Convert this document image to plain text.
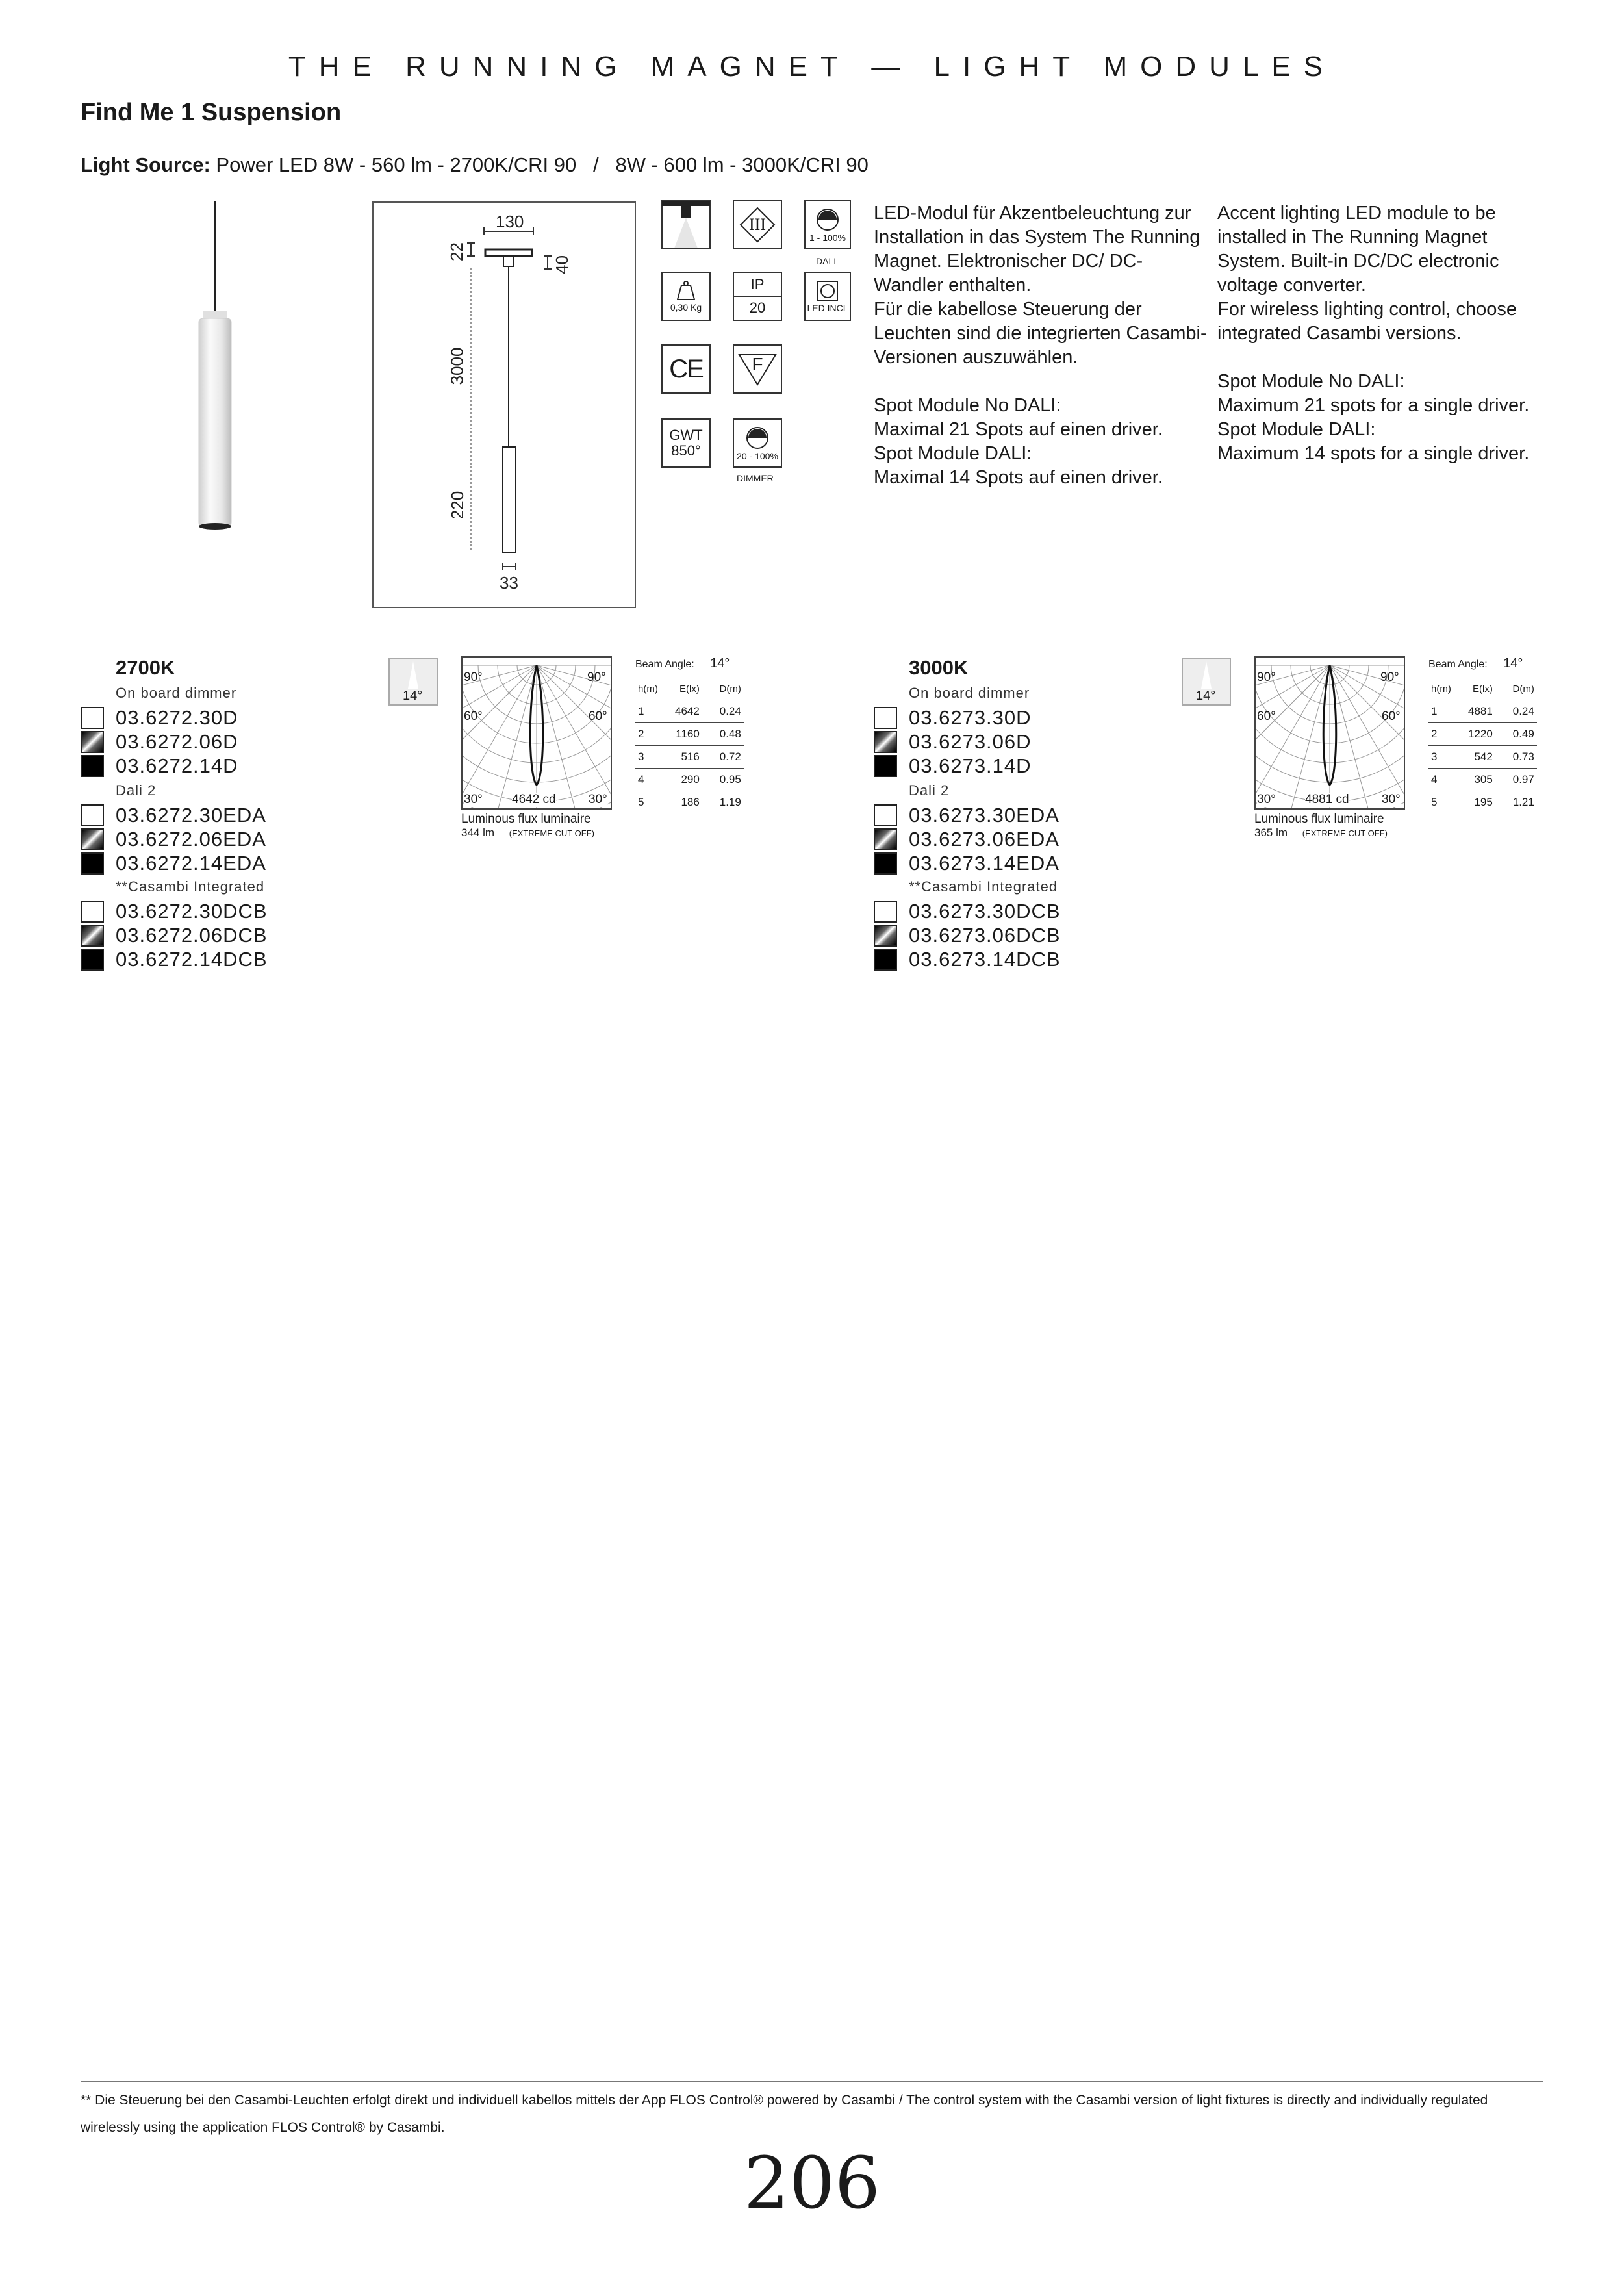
THE RUNNING MAGNET — LIGHT MODULES
Find Me 1 Suspension
Light Source: Power LED 8W - 560 lm - 2700K/CRI 90   /   8W - 600 lm - 3000K/CRI 90
130
22
40
3000
220
33
III
1 - 100%
DALI
0,30 Kg
IP
20	LED INCL
CE	F
GWT
850°	20 - 100%
DIMMER

LED-Modul für Akzentbeleuchtung zur Installation in das System The Running Magnet. Elektronischer DC/ DC-Wandler enthalten.

Für die kabellose Steuerung der Leuchten sind die integrierten Casambi-Versionen auszuwählen.

Spot Module No DALI:

Maximal 21 Spots auf einen driver.

Spot Module DALI:

Maximal 14 Spots auf einen driver.

Accent lighting LED module to be installed in The Running Magnet System. Built-in DC/DC electronic voltage converter.

For wireless lighting control, choose integrated Casambi versions.

Spot Module No DALI:

Maximum 21 spots for a single driver.

Spot Module DALI:

Maximum 14 spots for a single driver.

2700K
On board dimmer
03.6272.30D
03.6272.06D
03.6272.14D
Dali 2
03.6272.30EDA
03.6272.06EDA
03.6272.14EDA
**Casambi Integrated
03.6272.30DCB
03.6272.06DCB
03.6272.14DCB
14°
90°	90°
60°	60°
30°	30°
4642 cd
Luminous flux luminaire
344 lm (EXTREME CUT OFF)
Beam Angle: 14°
h(m)	E(lx)	D(m)
1	4642	0.24
2	1160	0.48
3	516	0.72
4	290	0.95
5	186	1.19
3000K
On board dimmer
03.6273.30D
03.6273.06D
03.6273.14D
Dali 2
03.6273.30EDA
03.6273.06EDA
03.6273.14EDA
**Casambi Integrated
03.6273.30DCB
03.6273.06DCB
03.6273.14DCB
14°
90°	90°
60°	60°
30°	30°
4881 cd
Luminous flux luminaire
365 lm (EXTREME CUT OFF)
Beam Angle: 14°
h(m)	E(lx)	D(m)
1	4881	0.24
2	1220	0.49
3	542	0.73
4	305	0.97
5	195	1.21
** Die Steuerung bei den Casambi-Leuchten erfolgt direkt und individuell kabellos mittels der App FLOS Control® powered by Casambi / The control system with the Casambi version of light fixtures is directly and individually regulated wirelessly using the application FLOS Control® by Casambi.
206
